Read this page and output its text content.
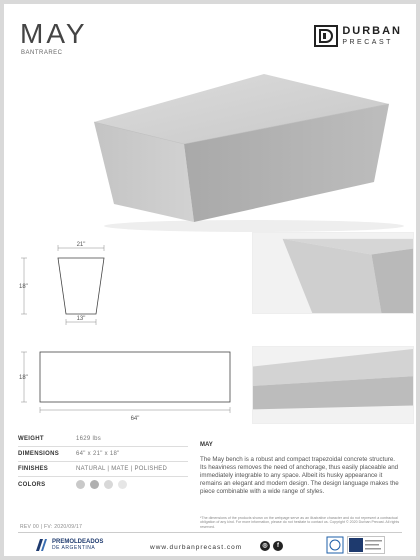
MAY
BANTRAREC
DURBAN
PRECAST
21"
18"
13"
18"
64"
WEIGHT	1629 lbs
DIMENSIONS	64" x 21" x 18"
FINISHES	NATURAL | MATE | POLISHED
COLORS
MAY
The May bench is a robust and compact trapezoidal concrete structure. Its heaviness removes the need of anchorage, thus easily placeable and immediately integrable to any space. Albeit its husky appearance it remains an elegant and modern design. The design language makes the piece combinable with a wide range of styles.
*The dimensions of the products shown on the webpage serve as an illustrative character and do not represent a contractual obligation of any kind. For more information, please do not hesitate to contact us. Copyright © 2020 Durban Precast. All rights reserved.
REV 00 | FV: 2020/09/17
PREMOLDEADOS
DE ARGENTINA	www.durbanprecast.com	◎	f
